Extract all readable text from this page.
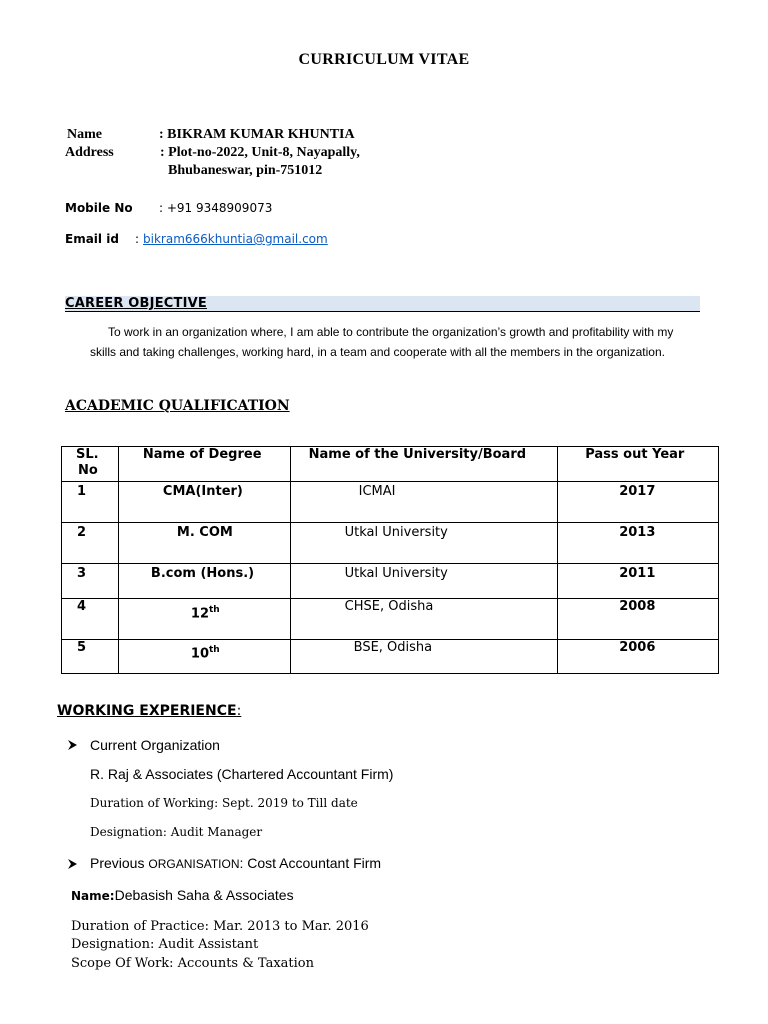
CURRICULUM VITAE
Name	: BIKRAM KUMAR KHUNTIA
Address	: Plot-no-2022, Unit-8, Nayapally,
Bhubaneswar, pin-751012
Mobile No : +91 9348909073
Email id : bikram666khuntia@gmail.com
CAREER OBJECTIVE
To work in an organization where, I am able to contribute the organization’s growth and profitability with my
skills and taking challenges, working hard, in a team and cooperate with all the members in the organization.
ACADEMIC QUALIFICATION
SL.
No	Name of Degree	Name of the University/Board	Pass out Year

1	CMA(Inter)	ICMAI	2017

2	M. COM	Utkal University	2013

3	B.com (Hons.)	Utkal University	2011

4	12th	CHSE, Odisha	2008

5	10th	BSE, Odisha	2006
WORKING EXPERIENCE:
Current Organization
R. Raj & Associates (Chartered Accountant Firm)
Duration of Working: Sept. 2019 to Till date
Designation: Audit Manager
Previous ORGANISATION: Cost Accountant Firm
Name:Debasish Saha & Associates
Duration of Practice: Mar. 2013 to Mar. 2016
Designation: Audit Assistant
Scope Of Work: Accounts & Taxation
